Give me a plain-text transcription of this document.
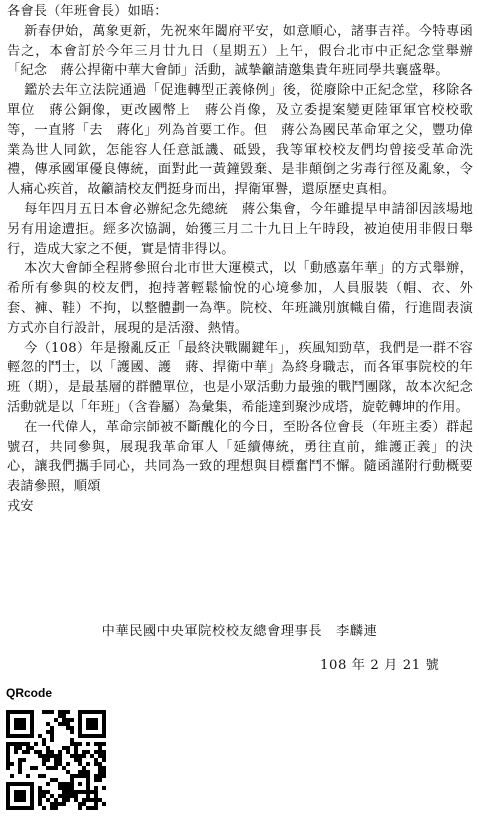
各會長（年班會長）如晤：

新春伊始，萬象更新，先祝來年闔府平安，如意順心，諸事吉祥。今特專函告之，本會訂於今年三月廿九日（星期五）上午，假台北市中正紀念堂舉辦「紀念　蔣公捍衛中華大會師」活動，誠摯籲請邀集貴年班同學共襄盛舉。

鑑於去年立法院通過「促進轉型正義條例」後，從廢除中正紀念堂，移除各單位　蔣公銅像，更改國幣上　蔣公肖像，及立委提案變更陸軍軍官校校歌等，一直將「去　蔣化」列為首要工作。但　蔣公為國民革命軍之父，豐功偉業為世人同欽，怎能容人任意詆譏、砥毀，我等軍校校友們均曾接受革命洗禮，傳承國軍優良傳統，面對此一黃鐘毀棄、是非顛倒之劣毒行徑及亂象，令人痛心疾首，故籲請校友們挺身而出，捍衛軍譽，還原歷史真相。

每年四月五日本會必辦紀念先總統　蔣公集會，今年雖提早申請卻因該場地另有用途遭拒。經多次協調，始獲三月二十九日上午時段，被迫使用非假日舉行，造成大家之不便，實是情非得以。

本次大會師全程將參照台北市世大運模式，以「動感嘉年華」的方式舉辦，希所有參與的校友們，抱持著輕鬆愉悅的心境參加，人員服裝（帽、衣、外套、褲、鞋）不拘，以整體劃一為準。院校、年班識別旗幟自備，行進間表演方式亦自行設計，展現的是活潑、熱情。

今（108）年是撥亂反正「最終決戰關鍵年」，疾風知勁草，我們是一群不容輕忽的鬥士，以「護國、護　蔣、捍衛中華」為終身職志，而各軍事院校的年班（期），是最基層的群體單位，也是小眾活動力最強的戰鬥團隊，故本次紀念活動就是以「年班」（含眷屬）為彙集，希能達到聚沙成塔，旋乾轉坤的作用。

在一代偉人，革命宗師被不斷醜化的今日，至盼各位會長（年班主委）群起號召，共同參與，展現我革命軍人「延續傳統，勇往直前，維護正義」的決心，讓我們攜手同心，共同為一致的理想與目標奮鬥不懈。隨函謹附行動概要表請參照，順頌

戎安

中華民國中央軍院校校友總會理事長　李麟連
108 年 2 月 21 號
QRcode
